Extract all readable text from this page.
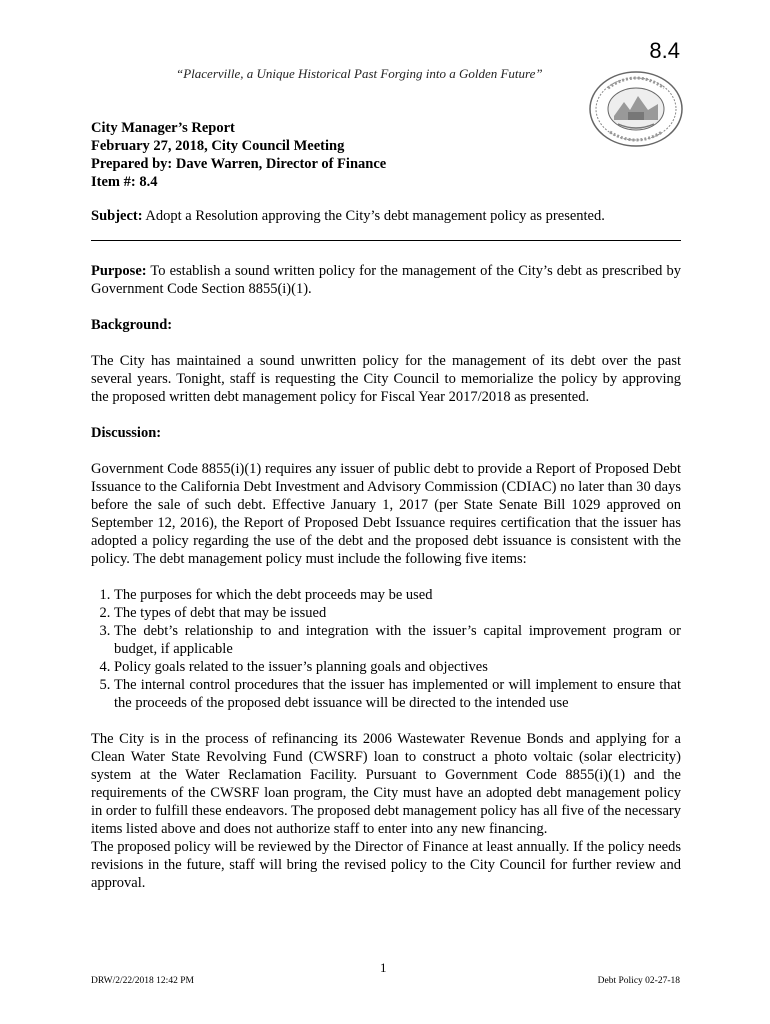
8.4
“Placerville, a Unique Historical Past Forging into a Golden Future”
City Manager’s Report
February 27, 2018, City Council Meeting
Prepared by: Dave Warren, Director of Finance
Item #: 8.4
Subject: Adopt a Resolution approving the City’s debt management policy as presented.

Purpose: To establish a sound written policy for the management of the City’s debt as prescribed by Government Code Section 8855(i)(1).

Background:

The City has maintained a sound unwritten policy for the management of its debt over the past several years. Tonight, staff is requesting the City Council to memorialize the policy by approving the proposed written debt management policy for Fiscal Year 2017/2018 as presented.

Discussion:

Government Code 8855(i)(1) requires any issuer of public debt to provide a Report of Proposed Debt Issuance to the California Debt Investment and Advisory Commission (CDIAC) no later than 30 days before the sale of such debt. Effective January 1, 2017 (per State Senate Bill 1029 approved on September 12, 2016), the Report of Proposed Debt Issuance requires certification that the issuer has adopted a policy regarding the use of the debt and the proposed debt issuance is consistent with the policy. The debt management policy must include the following five items:

1. The purposes for which the debt proceeds may be used
2. The types of debt that may be issued
3. The debt’s relationship to and integration with the issuer’s capital improvement program or budget, if applicable
4. Policy goals related to the issuer’s planning goals and objectives
5. The internal control procedures that the issuer has implemented or will implement to ensure that the proceeds of the proposed debt issuance will be directed to the intended use

The City is in the process of refinancing its 2006 Wastewater Revenue Bonds and applying for a Clean Water State Revolving Fund (CWSRF) loan to construct a photo voltaic (solar electricity) system at the Water Reclamation Facility. Pursuant to Government Code 8855(i)(1) and the requirements of the CWSRF loan program, the City must have an adopted debt management policy in order to fulfill these endeavors. The proposed debt management policy has all five of the necessary items listed above and does not authorize staff to enter into any new financing.

The proposed policy will be reviewed by the Director of Finance at least annually. If the policy needs revisions in the future, staff will bring the revised policy to the City Council for further review and approval.

1
DRW/2/22/2018 12:42 PM	Debt Policy 02-27-18
